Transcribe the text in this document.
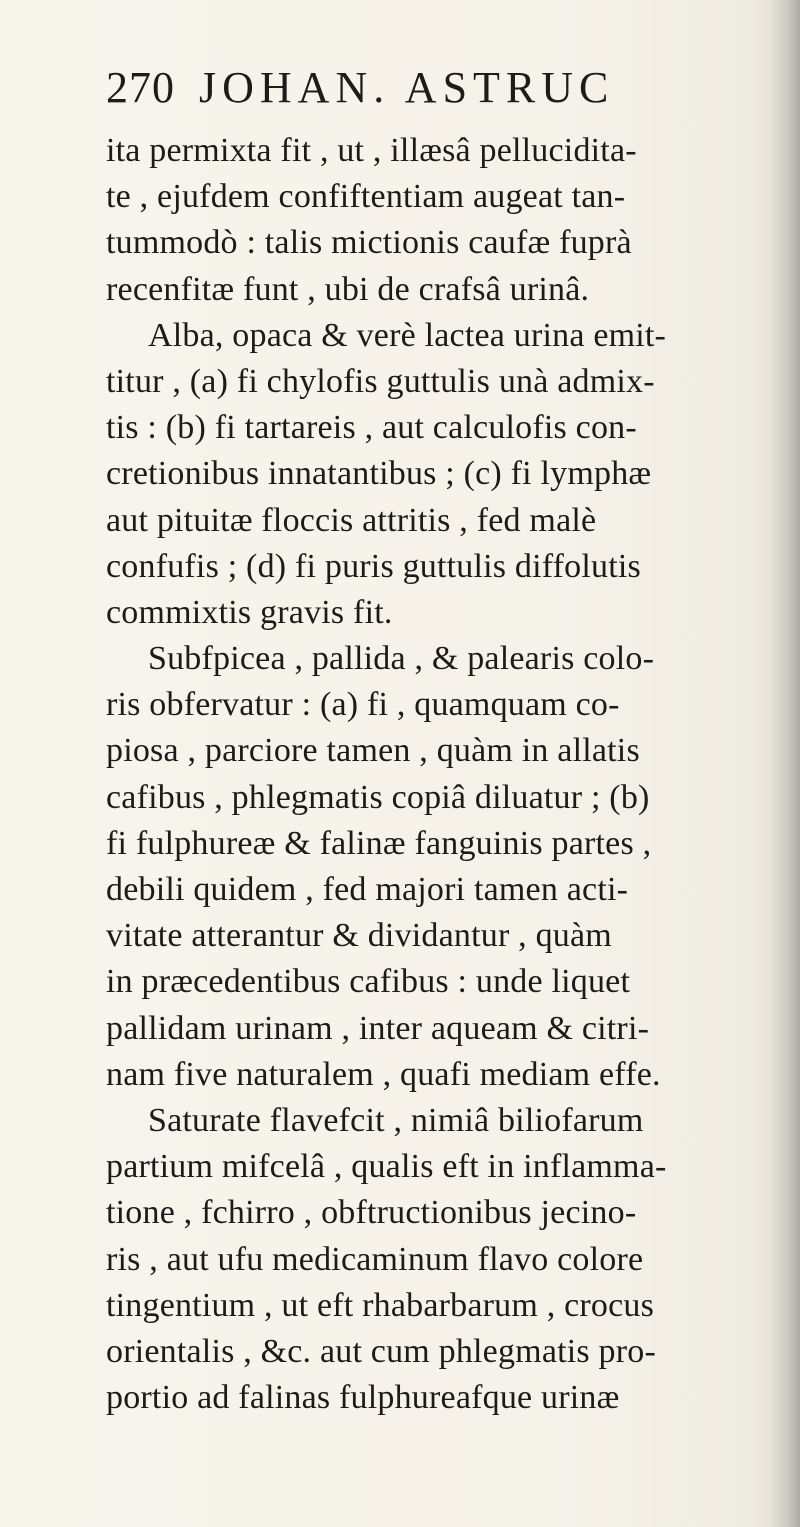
270 JOHAN. ASTRUC
ita permixta fit , ut , illæsâ pelluciditа-
te , ejufdem confiftentiam augeat tan-
tummodò : talis mictionis caufæ fuprà
recenfitæ funt , ubi de crafsâ urinâ.
Alba, opaca & verè lactea urina emit-
titur , (a) fi chylofis guttulis unà admix-
tis : (b) fi tartareis , aut calculofis con-
cretionibus innatantibus ; (c) fi lymphæ
aut pituitæ floccis attritis , fed malè
confufis ; (d) fi puris guttulis diffolutis
commixtis gravis fit.
Subfpicea , pallida , & palearis colo-
ris obfervatur : (a) fi , quamquam co-
piosa , parciore tamen , quàm in allatis
cafibus , phlegmatis copiâ diluatur ; (b)
fi fulphureæ & falinæ fanguinis partes ,
debili quidem , fed majori tamen acti-
vitate atterantur & dividantur , quàm
in præcedentibus cafibus : unde liquet
pallidam urinam , inter aqueam & citri-
nam five naturalem , quafi mediam effe.
Saturate flavefcit , nimiâ biliofarum
partium mifcelâ , qualis eft in inflamma-
tione , fchirro , obftructionibus jecino-
ris , aut ufu medicaminum flavo colore
tingentium , ut eft rhabarbarum , crocus
orientalis , &c. aut cum phlegmatis pro-
portio ad falinas fulphureafque urinæ
